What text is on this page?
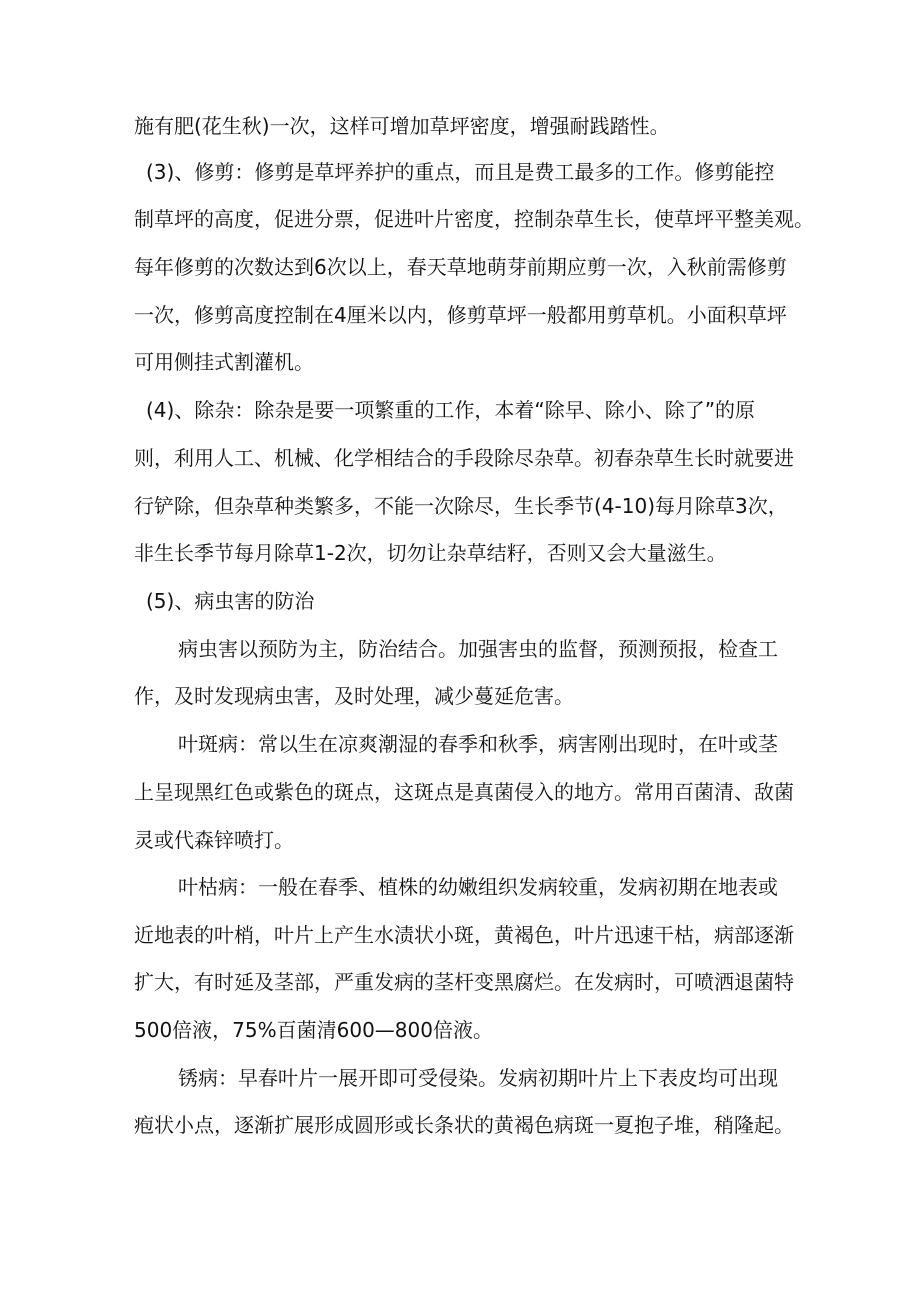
施有肥(花生秋)一次，这样可增加草坪密度，增强耐践踏性。
(3)、修剪：修剪是草坪养护的重点，而且是费工最多的工作。修剪能控
制草坪的高度，促进分票，促进叶片密度，控制杂草生长，使草坪平整美观。
每年修剪的次数达到6次以上，春天草地萌芽前期应剪一次，入秋前需修剪
一次，修剪高度控制在4厘米以内，修剪草坪一般都用剪草机。小面积草坪
可用侧挂式割灌机。
(4)、除杂：除杂是要一项繁重的工作，本着“除早、除小、除了”的原
则，利用人工、机械、化学相结合的手段除尽杂草。初春杂草生长时就要进
行铲除，但杂草种类繁多，不能一次除尽，生长季节(4-10)每月除草3次，
非生长季节每月除草1-2次，切勿让杂草结籽，否则又会大量滋生。
(5)、病虫害的防治
病虫害以预防为主，防治结合。加强害虫的监督，预测预报，检查工
作，及时发现病虫害，及时处理，减少蔓延危害。
叶斑病：常以生在凉爽潮湿的春季和秋季，病害刚出现时，在叶或茎
上呈现黑红色或紫色的斑点，这斑点是真菌侵入的地方。常用百菌清、敌菌
灵或代森锌喷打。
叶枯病：一般在春季、植株的幼嫩组织发病较重，发病初期在地表或
近地表的叶梢，叶片上产生水渍状小斑，黄褐色，叶片迅速干枯，病部逐渐
扩大，有时延及茎部，严重发病的茎杆变黑腐烂。在发病时，可喷洒退菌特
500倍液，75%百菌清600—800倍液。
锈病：早春叶片一展开即可受侵染。发病初期叶片上下表皮均可出现
疱状小点，逐渐扩展形成圆形或长条状的黄褐色病斑一夏抱子堆，稍隆起。
